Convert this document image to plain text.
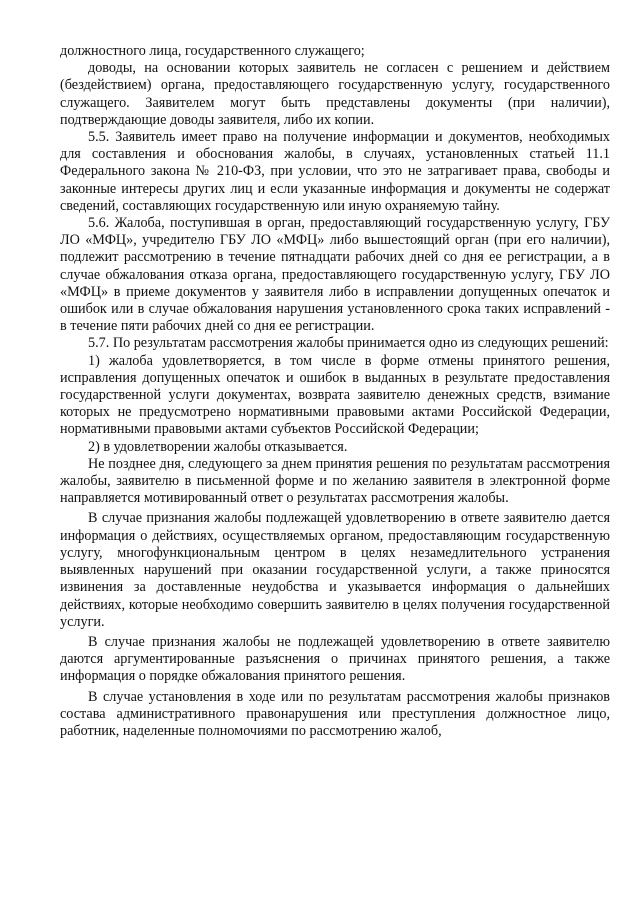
должностного лица, государственного служащего;

доводы, на основании которых заявитель не согласен с решением и действием (бездействием) органа, предоставляющего государственную услугу, государственного служащего. Заявителем могут быть представлены документы (при наличии), подтверждающие доводы заявителя, либо их копии.

5.5. Заявитель имеет право на получение информации и документов, необходимых для составления и обоснования жалобы, в случаях, установленных статьей 11.1 Федерального закона № 210-ФЗ, при условии, что это не затрагивает права, свободы и законные интересы других лиц и если указанные информация и документы не содержат сведений, составляющих государственную или иную охраняемую тайну.

5.6. Жалоба, поступившая в орган, предоставляющий государственную услугу, ГБУ ЛО «МФЦ», учредителю ГБУ ЛО «МФЦ» либо вышестоящий орган (при его наличии), подлежит рассмотрению в течение пятнадцати рабочих дней со дня ее регистрации, а в случае обжалования отказа органа, предоставляющего государственную услугу, ГБУ ЛО «МФЦ» в приеме документов у заявителя либо в исправлении допущенных опечаток и ошибок или в случае обжалования нарушения установленного срока таких исправлений - в течение пяти рабочих дней со дня ее регистрации.

5.7. По результатам рассмотрения жалобы принимается одно из следующих решений:

1) жалоба удовлетворяется, в том числе в форме отмены принятого решения, исправления допущенных опечаток и ошибок в выданных в результате предоставления государственной услуги документах, возврата заявителю денежных средств, взимание которых не предусмотрено нормативными правовыми актами Российской Федерации, нормативными правовыми актами субъектов Российской Федерации;

2) в удовлетворении жалобы отказывается.

Не позднее дня, следующего за днем принятия решения по результатам рассмотрения жалобы, заявителю в письменной форме и по желанию заявителя в электронной форме направляется мотивированный ответ о результатах рассмотрения жалобы.

В случае признания жалобы подлежащей удовлетворению в ответе заявителю дается информация о действиях, осуществляемых органом, предоставляющим государственную услугу, многофункциональным центром в целях незамедлительного устранения выявленных нарушений при оказании государственной услуги, а также приносятся извинения за доставленные неудобства и указывается информация о дальнейших действиях, которые необходимо совершить заявителю в целях получения государственной услуги.

В случае признания жалобы не подлежащей удовлетворению в ответе заявителю даются аргументированные разъяснения о причинах принятого решения, а также информация о порядке обжалования принятого решения.

В случае установления в ходе или по результатам рассмотрения жалобы признаков состава административного правонарушения или преступления должностное лицо, работник, наделенные полномочиями по рассмотрению жалоб,
